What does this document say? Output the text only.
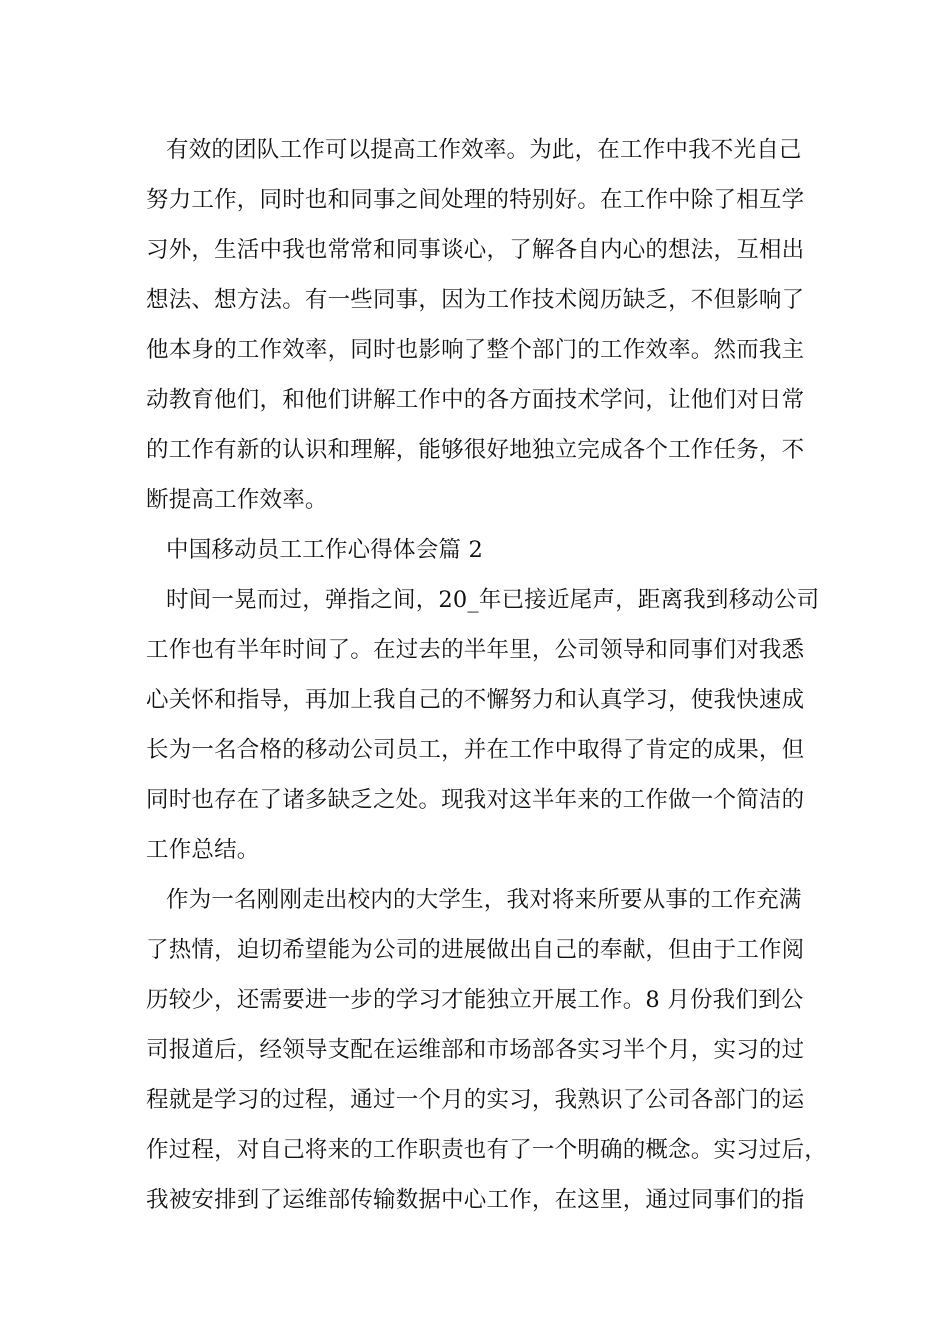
有效的团队工作可以提高工作效率。为此，在工作中我不光自己
努力工作，同时也和同事之间处理的特别好。在工作中除了相互学
习外，生活中我也常常和同事谈心，了解各自内心的想法，互相出
想法、想方法。有一些同事，因为工作技术阅历缺乏，不但影响了
他本身的工作效率，同时也影响了整个部门的工作效率。然而我主
动教育他们，和他们讲解工作中的各方面技术学问，让他们对日常
的工作有新的认识和理解，能够很好地独立完成各个工作任务，不
断提高工作效率。
中国移动员工工作心得体会篇 2
时间一晃而过，弹指之间，20_年已接近尾声，距离我到移动公司
工作也有半年时间了。在过去的半年里，公司领导和同事们对我悉
心关怀和指导，再加上我自己的不懈努力和认真学习，使我快速成
长为一名合格的移动公司员工，并在工作中取得了肯定的成果，但
同时也存在了诸多缺乏之处。现我对这半年来的工作做一个简洁的
工作总结。
作为一名刚刚走出校内的大学生，我对将来所要从事的工作充满
了热情，迫切希望能为公司的进展做出自己的奉献，但由于工作阅
历较少，还需要进一步的学习才能独立开展工作。8 月份我们到公
司报道后，经领导支配在运维部和市场部各实习半个月，实习的过
程就是学习的过程，通过一个月的实习，我熟识了公司各部门的运
作过程，对自己将来的工作职责也有了一个明确的概念。实习过后，
我被安排到了运维部传输数据中心工作，在这里，通过同事们的指
